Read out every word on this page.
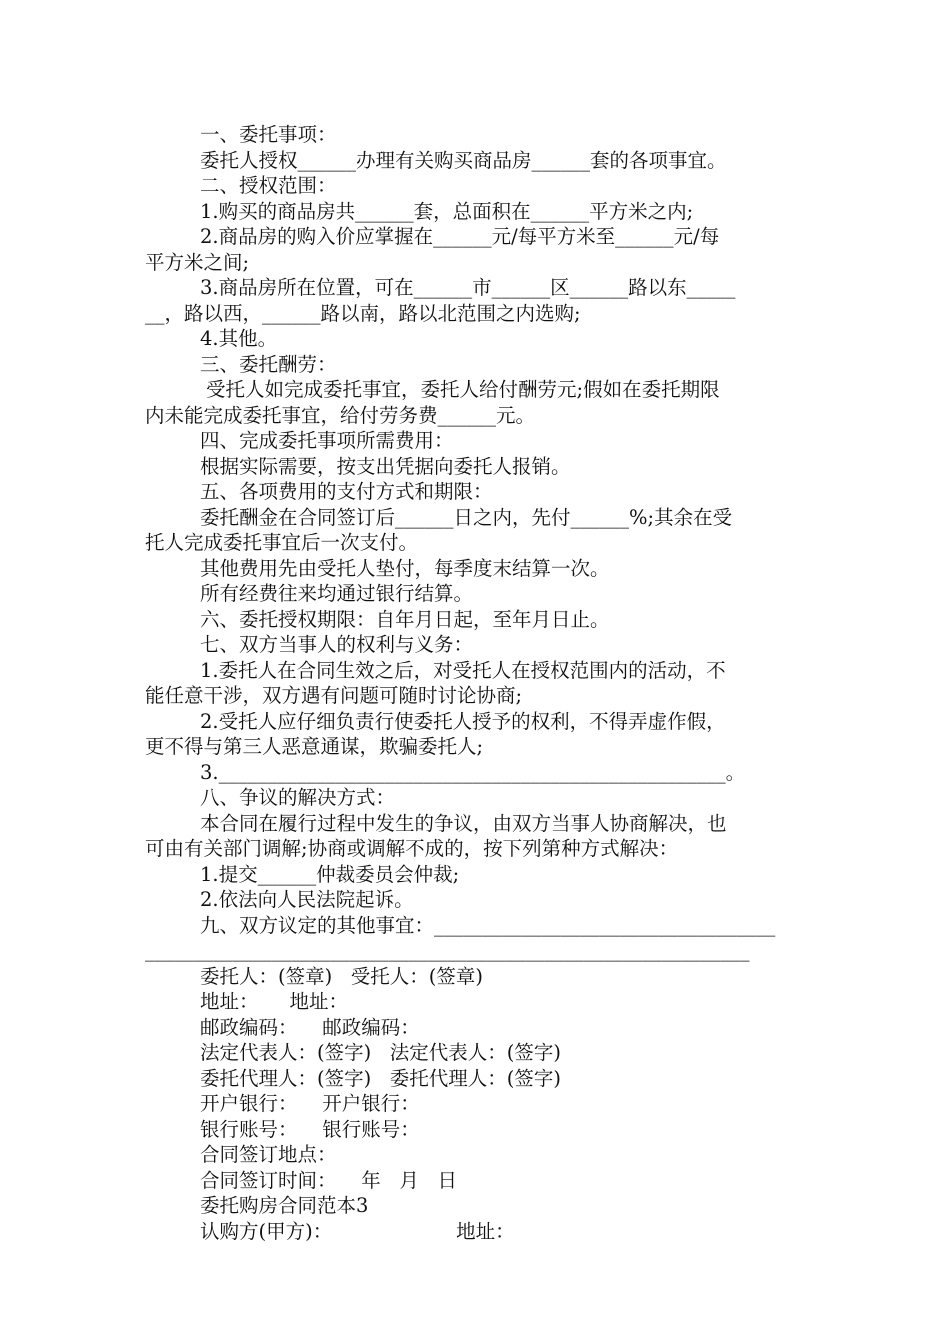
一、委托事项：

委托人授权______办理有关购买商品房______套的各项事宜。

二、授权范围：

1.购买的商品房共______套，总面积在______平方米之内;

2.商品房的购入价应掌握在______元/每平方米至______元/每

平方米之间;

3.商品房所在位置，可在______市______区______路以东_____

__，路以西，______路以南，路以北范围之内选购;

4.其他。

三、委托酬劳：

受托人如完成委托事宜，委托人给付酬劳元;假如在委托期限

内未能完成委托事宜，给付劳务费______元。

四、完成委托事项所需费用：

根据实际需要，按支出凭据向委托人报销。

五、各项费用的支付方式和期限：

委托酬金在合同签订后______日之内，先付______%;其余在受

托人完成委托事宜后一次支付。

其他费用先由受托人垫付，每季度末结算一次。

所有经费往来均通过银行结算。

六、委托授权期限：自年月日起，至年月日止。

七、双方当事人的权利与义务：

1.委托人在合同生效之后，对受托人在授权范围内的活动，不

能任意干涉，双方遇有问题可随时讨论协商;

2.受托人应仔细负责行使委托人授予的权利，不得弄虚作假，

更不得与第三人恶意通谋，欺骗委托人;

3.____________________________________________________。

八、争议的解决方式：

本合同在履行过程中发生的争议，由双方当事人协商解决，也

可由有关部门调解;协商或调解不成的，按下列第种方式解决：

1.提交______仲裁委员会仲裁;

2.依法向人民法院起诉。

九、双方议定的其他事宜：___________________________________

______________________________________________________________

委托人：(签章)   受托人：(签章)

地址：     地址：

邮政编码：    邮政编码：

法定代表人：(签字)   法定代表人：(签字)

委托代理人：(签字)   委托代理人：(签字)

开户银行：    开户银行：

银行账号：    银行账号：

合同签订地点：

合同签订时间：    年   月   日

委托购房合同范本3

认购方(甲方)：                    地址：
